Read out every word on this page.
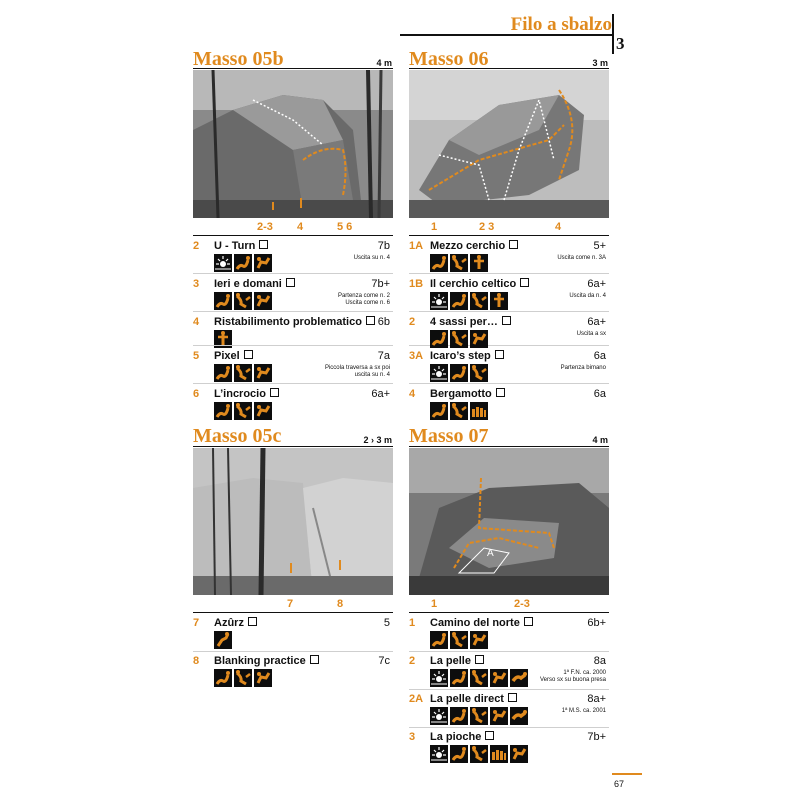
Filo a sbalzo
3
Masso 05b	4 m
2-3 4	5 6
2 U - Turn	7b
Uscita su n. 4
3 Ieri e domani	7b+
Partenza come n. 2
Uscita come n. 6
4 Ristabilimento problematico	6b
5 Pixel	7a
Piccola traversa a sx poi
uscita su n. 4
6 L’incrocio	6a+
Masso 06	3 m
1	2 3	4
1A Mezzo cerchio	5+
Uscita come n. 3A
1B Il cerchio celtico	6a+
Uscita da n. 4
2 4 sassi per…	6a+
Uscita a sx
3A Icaro’s step	6a
Partenza bimano
4 Bergamotto	6a
Masso 05c	2 › 3 m
7	8
7 Azûrz	5
8 Blanking practice	7c
Masso 07	4 m
A
1	2-3
1 Camino del norte	6b+
2 La pelle	8a
1ª F.N. ca. 2000
Verso sx su buona presa
2A La pelle direct	8a+
1ª M.S. ca. 2001
3 La pioche	7b+
67
